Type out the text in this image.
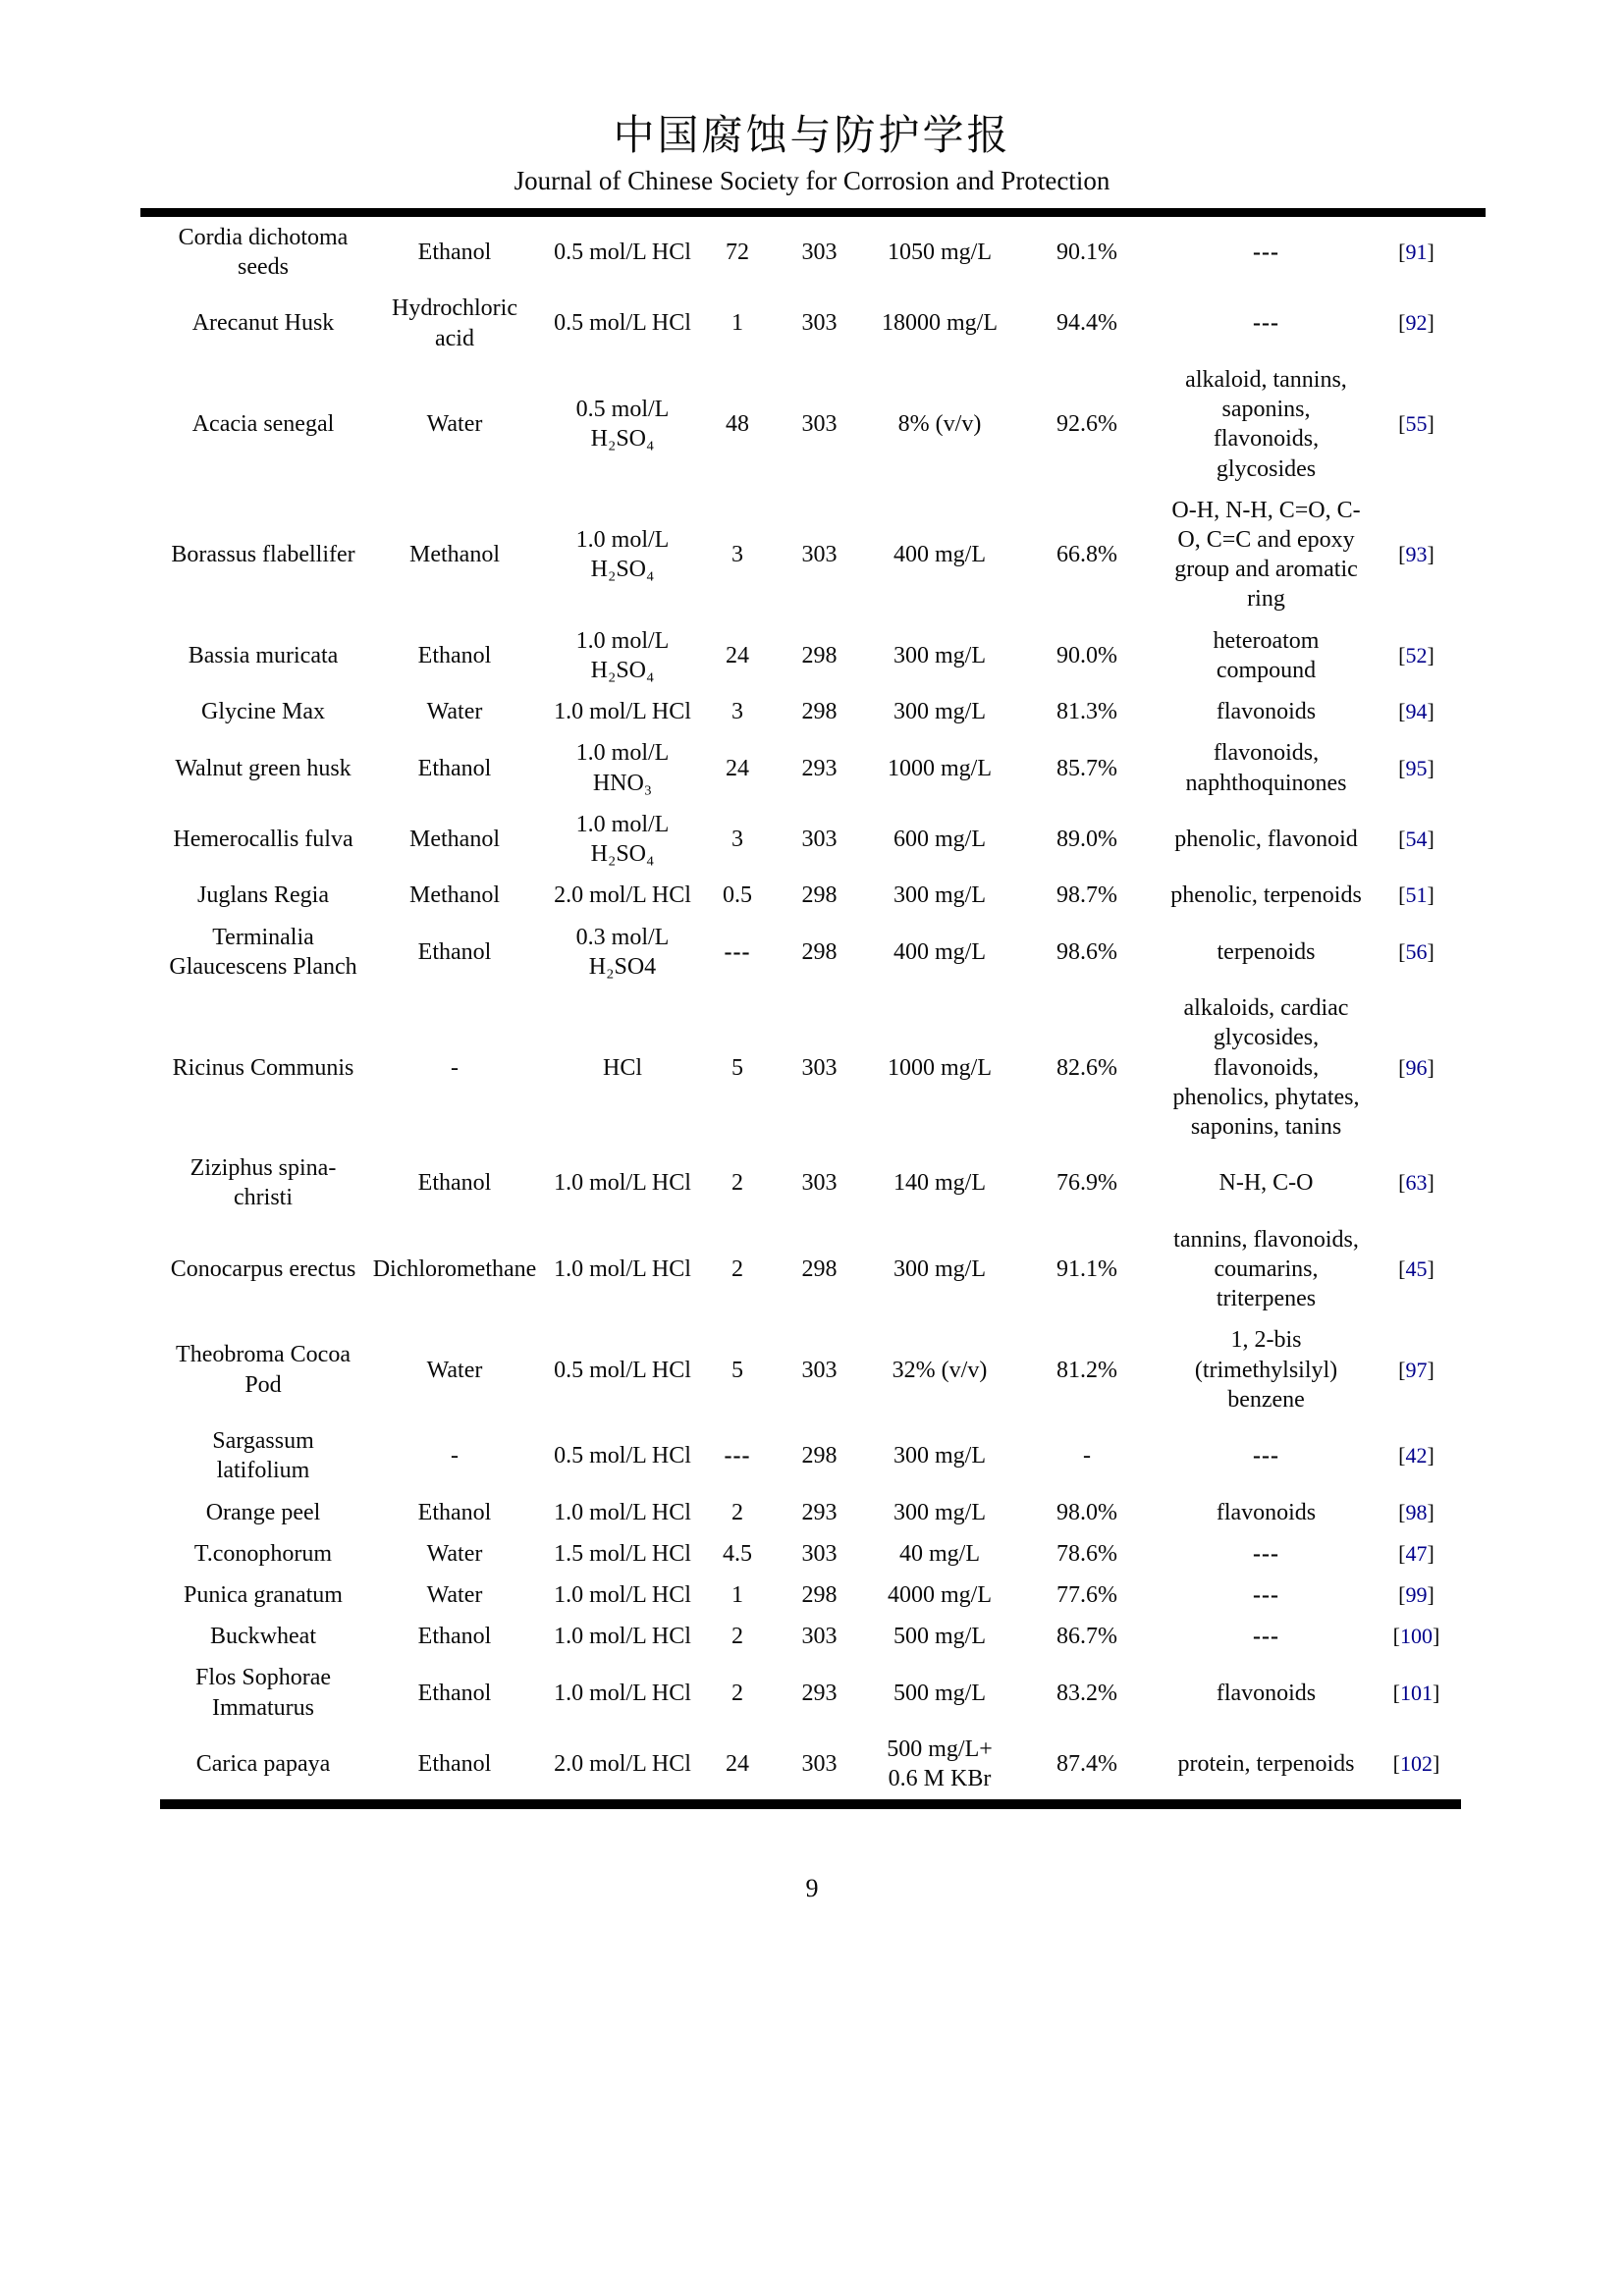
中国腐蚀与防护学报
Journal of Chinese Society for Corrosion and Protection
Cordia dichotoma seeds	Ethanol	0.5 mol/L HCl	72	303	1050 mg/L	90.1%	---	[91]
Arecanut Husk	Hydrochloric acid	0.5 mol/L HCl	1	303	18000 mg/L	94.4%	---	[92]
Acacia senegal	Water	0.5 mol/L H₂SO₄	48	303	8% (v/v)	92.6%	alkaloid, tannins, saponins, flavonoids, glycosides	[55]
Borassus flabellifer	Methanol	1.0 mol/L H₂SO₄	3	303	400 mg/L	66.8%	O-H, N-H, C=O, C-O, C=C and epoxy group and aromatic ring	[93]
Bassia muricata	Ethanol	1.0 mol/L H₂SO₄	24	298	300 mg/L	90.0%	heteroatom compound	[52]
Glycine Max	Water	1.0 mol/L HCl	3	298	300 mg/L	81.3%	flavonoids	[94]
Walnut green husk	Ethanol	1.0 mol/L HNO₃	24	293	1000 mg/L	85.7%	flavonoids, naphthoquinones	[95]
Hemerocallis fulva	Methanol	1.0 mol/L H₂SO₄	3	303	600 mg/L	89.0%	phenolic, flavonoid	[54]
Juglans Regia	Methanol	2.0 mol/L HCl	0.5	298	300 mg/L	98.7%	phenolic, terpenoids	[51]
Terminalia Glaucescens Planch	Ethanol	0.3 mol/L H₂SO4	---	298	400 mg/L	98.6%	terpenoids	[56]
Ricinus Communis	-	HCl	5	303	1000 mg/L	82.6%	alkaloids, cardiac glycosides, flavonoids, phenolics, phytates, saponins, tanins	[96]
Ziziphus spina-christi	Ethanol	1.0 mol/L HCl	2	303	140 mg/L	76.9%	N-H, C-O	[63]
Conocarpus erectus	Dichloromethane	1.0 mol/L HCl	2	298	300 mg/L	91.1%	tannins, flavonoids, coumarins, triterpenes	[45]
Theobroma Cocoa Pod	Water	0.5 mol/L HCl	5	303	32% (v/v)	81.2%	1, 2-bis (trimethylsilyl) benzene	[97]
Sargassum latifolium	-	0.5 mol/L HCl	---	298	300 mg/L	-	---	[42]
Orange peel	Ethanol	1.0 mol/L HCl	2	293	300 mg/L	98.0%	flavonoids	[98]
T.conophorum	Water	1.5 mol/L HCl	4.5	303	40 mg/L	78.6%	---	[47]
Punica granatum	Water	1.0 mol/L HCl	1	298	4000 mg/L	77.6%	---	[99]
Buckwheat	Ethanol	1.0 mol/L HCl	2	303	500 mg/L	86.7%	---	[100]
Flos Sophorae Immaturus	Ethanol	1.0 mol/L HCl	2	293	500 mg/L	83.2%	flavonoids	[101]
Carica papaya	Ethanol	2.0 mol/L HCl	24	303	500 mg/L+ 0.6 M KBr	87.4%	protein, terpenoids	[102]
9
